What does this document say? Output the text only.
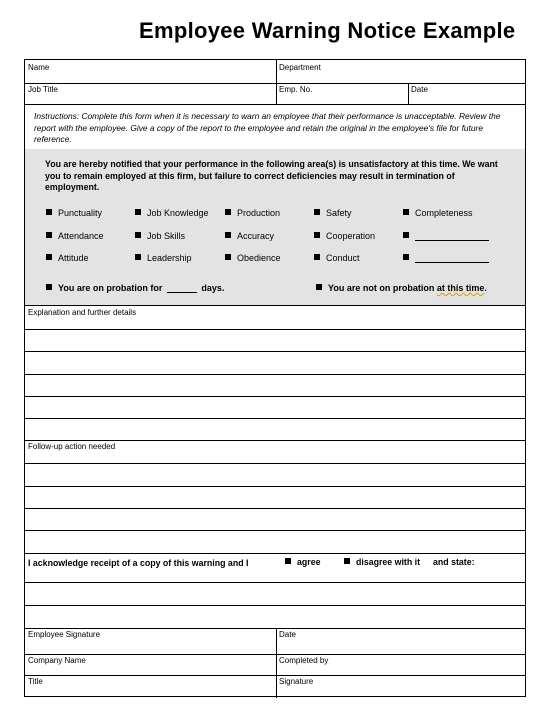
Employee Warning Notice Example
Name	Department
Job Title	Emp. No.	Date
Instructions: Complete this form when it is necessary to warn an employee that their performance is unacceptable. Review the report with the employee. Give a copy of the report to the employee and retain the original in the employee's file for future reference.
You are hereby notified that your performance in the following area(s) is unsatisfactory at this time. We want you to remain employed at this firm, but failure to correct deficiencies may result in termination of employment.
Punctuality	Job Knowledge	Production	Safety	Completeness
Attendance	Job Skills	Accuracy	Cooperation
Attitude	Leadership	Obedience	Conduct
You are on probation for	days.	You are not on probation at this time.
Explanation and further details
Follow-up action needed
I acknowledge receipt of a copy of this warning and I	agree	disagree with it and state:
Employee Signature	Date
Company Name	Completed by
Title	Signature
